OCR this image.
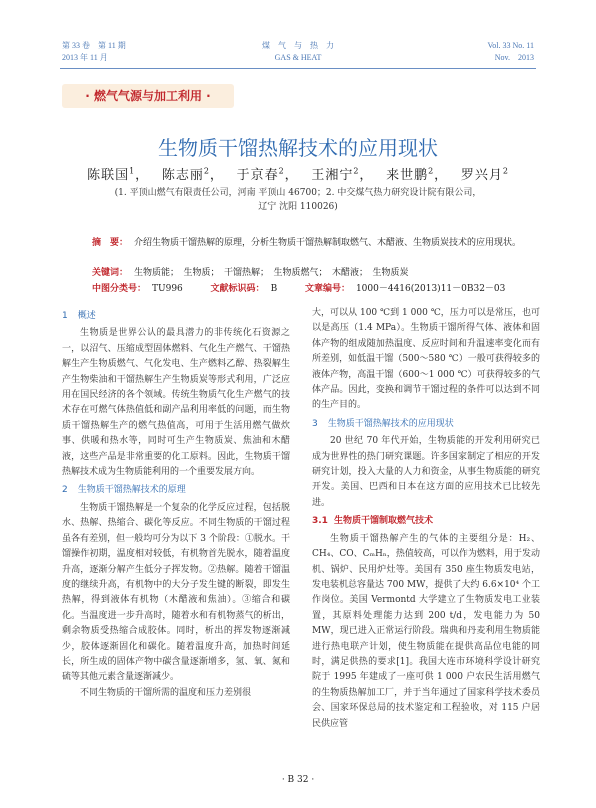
第 33 卷　第 11 期
2013 年 11 月
煤　气　与　热　力
GAS & HEAT
Vol. 33 No. 11
Nov.　2013
· 燃气气源与加工利用 ·
生物质干馏热解技术的应用现状
陈联国$^1$，　 陈志丽$^2$，　 于京春$^2$，　 王湘宁$^2$，　 来世鹏$^2$，　 罗兴月$^2$
(1. 平顶山燃气有限责任公司，河南 平顶山 46700；2. 中交煤气热力研究设计院有限公司，
辽宁 沈阳 110026)
摘　要： 介绍生物质干馏热解的原理，分析生物质干馏热解制取燃气、木醋液、生物质炭技术的应用现状。
关键词： 生物质能；　生物质；　干馏热解；　生物质燃气；　木醋液；　生物质炭
中图分类号： TU996	文献标识码： B	文章编号： 1000－4416(2013)11－0B32－03

1 概述

生物质是世界公认的最具潜力的非传统化石资源之一，以沼气、压缩成型固体燃料、气化生产燃气、干馏热解生产生物质燃气、气化发电、生产燃料乙醇、热裂解生产生物柴油和干馏热解生产生物质炭等形式利用，广泛应用在国民经济的各个领域。传统生物质气化生产燃气的技术存在可燃气体热值低和副产品利用率低的问题，而生物质干馏热解生产的燃气热值高，可用于生活用燃气做炊事、供暖和热水等，同时可生产生物质炭、焦油和木醋液，这些产品是非常重要的化工原料。因此，生物质干馏热解技术成为生物质能利用的一个重要发展方向。

2 生物质干馏热解技术的原理

生物质干馏热解是一个复杂的化学反应过程，包括脱水、热解、热缩合、碳化等反应。不同生物质的干馏过程虽各有差别，但一般均可分为以下 3 个阶段：①脱水。干馏操作初期，温度相对较低，有机物首先脱水，随着温度升高，逐渐分解产生低分子挥发物。②热解。随着干馏温度的继续升高，有机物中的大分子发生键的断裂，即发生热解，得到液体有机物（木醋液和焦油）。③缩合和碳化。当温度进一步升高时，随着水和有机物蒸气的析出，剩余物质受热缩合成胶体。同时，析出的挥发物逐渐减少，胶体逐渐固化和碳化。随着温度升高，加热时间延长，所生成的固体产物中碳含量逐渐增多，氢、氧、氮和硫等其他元素含量逐渐减少。

不同生物质的干馏所需的温度和压力差别很

大，可以从 100 ℃到 1 000 ℃，压力可以是常压，也可以是高压（1.4 MPa）。生物质干馏所得气体、液体和固体产物的组成随加热温度、反应时间和升温速率变化而有所差别，如低温干馏（500～580 ℃）一般可获得较多的液体产物，高温干馏（600～1 000 ℃）可获得较多的气体产品。因此，变换和调节干馏过程的条件可以达到不同的生产目的。

3 生物质干馏热解技术的应用现状

20 世纪 70 年代开始，生物质能的开发利用研究已成为世界性的热门研究课题。许多国家制定了相应的开发研究计划，投入大量的人力和资金，从事生物质能的研究开发。美国、巴西和日本在这方面的应用技术已比较先进。

3.1 生物质干馏制取燃气技术

生物质干馏热解产生的气体的主要组分是：H₂、CH₄、CO、CₘHₙ，热值较高，可以作为燃料，用于发动机、锅炉、民用炉灶等。美国有 350 座生物质发电站，发电装机总容量达 700 MW，提供了大约 6.6×10⁴ 个工作岗位。美国 Vermontd 大学建立了生物质发电工业装置，其原料处理能力达到 200 t/d，发电能力为 50 MW，现已进入正常运行阶段。瑞典和丹麦利用生物质能进行热电联产计划，使生物质能在提供高品位电能的同时，满足供热的要求[1]。我国大连市环境科学设计研究院于 1995 年建成了一座可供 1 000 户农民生活用燃气的生物质热解加工厂，并于当年通过了国家科学技术委员会、国家环保总局的技术鉴定和工程验收，对 115 户居民供应管

· B 32 ·
